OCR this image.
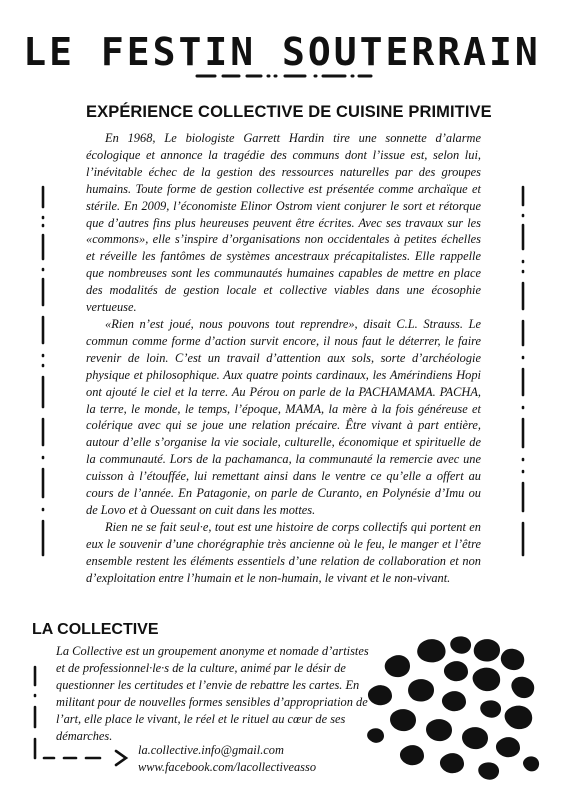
LE FESTIN SOUTERRAIN
EXPÉRIENCE COLLECTIVE DE CUISINE PRIMITIVE

En 1968, Le biologiste Garrett Hardin tire une sonnette d’alarme écologique et annonce la tragédie des communs dont l’issue est, selon lui, l’inévitable échec de la gestion des ressources naturelles par des groupes humains. Toute forme de gestion collective est présentée comme archaïque et stérile. En 2009, l’économiste Elinor Ostrom vient conjurer le sort et rétorque que d’autres fins plus heureuses peuvent être écrites. Avec ses travaux sur les «commons», elle s’inspire d’organisations non occidentales à petites échelles et réveille les fantômes de systèmes ancestraux précapitalistes. Elle rappelle que nombreuses sont les communautés humaines capables de mettre en place des modalités de gestion locale et collective viables dans une écosophie vertueuse.

«Rien n’est joué, nous pouvons tout reprendre», disait C.L. Strauss. Le commun comme forme d’action survit encore, il nous faut le déterrer, le faire revenir de loin. C’est un travail d’attention aux sols, sorte d’archéologie physique et philosophique. Aux quatre points cardinaux, les Amérindiens Hopi ont ajouté le ciel et la terre. Au Pérou on parle de la PACHAMAMA. PACHA, la terre, le monde, le temps, l’époque, MAMA, la mère à la fois généreuse et colérique avec qui se joue une relation précaire. Être vivant à part entière, autour d’elle s’organise la vie sociale, culturelle, économique et spirituelle de la communauté. Lors de la pachamanca, la communauté la remercie avec une cuisson à l’étouffée, lui remettant ainsi dans le ventre ce qu’elle a offert au cours de l’année. En Patagonie, on parle de Curanto, en Polynésie d’Imu ou de Lovo et à Ouessant on cuit dans les mottes.

Rien ne se fait seul·e, tout est une histoire de corps collectifs qui portent en eux le souvenir d’une chorégraphie très ancienne où le feu, le manger et l’être ensemble restent les éléments essentiels d’une relation de collaboration et non d’exploitation entre l’humain et le non-humain, le vivant et le non-vivant.

LA COLLECTIVE
La Collective est un groupement anonyme et nomade d’artistes et de professionnel·le·s de la culture, animé par le désir de questionner les certitudes et l’envie de rebattre les cartes. En militant pour de nouvelles formes sensibles d’appropriation de l’art, elle place le vivant, le réel et le rituel au cœur de ses démarches.
la.collective.info@gmail.com
www.facebook.com/lacollectiveasso
